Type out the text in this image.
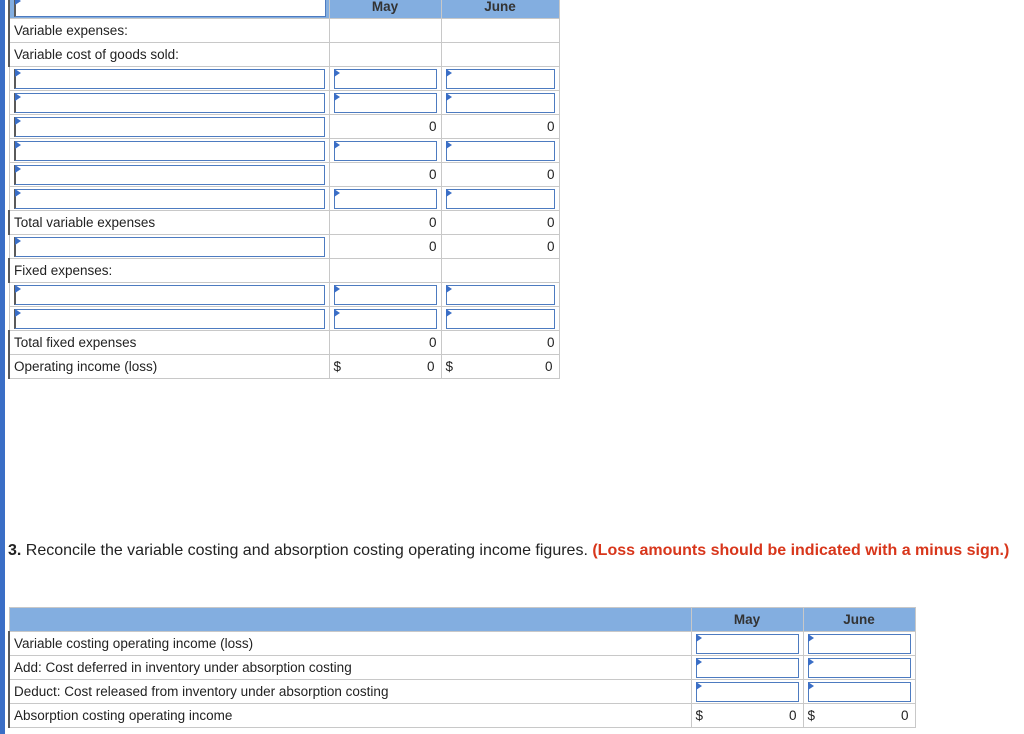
	May	June
Variable expenses:		
Variable cost of goods sold:		

	0	0

	0	0

Total variable expenses	0	0

	0	0
Fixed expenses:		

Total fixed expenses	0	0
Operating income (loss)	$ 0	$ 0
3. Reconcile the variable costing and absorption costing operating income figures. (Loss amounts should be indicated with a minus sign.)
	May	June
Variable costing operating income (loss)	

Add: Cost deferred in inventory under absorption costing	

Deduct: Cost released from inventory under absorption costing	

Absorption costing operating income	$ 0	$ 0
